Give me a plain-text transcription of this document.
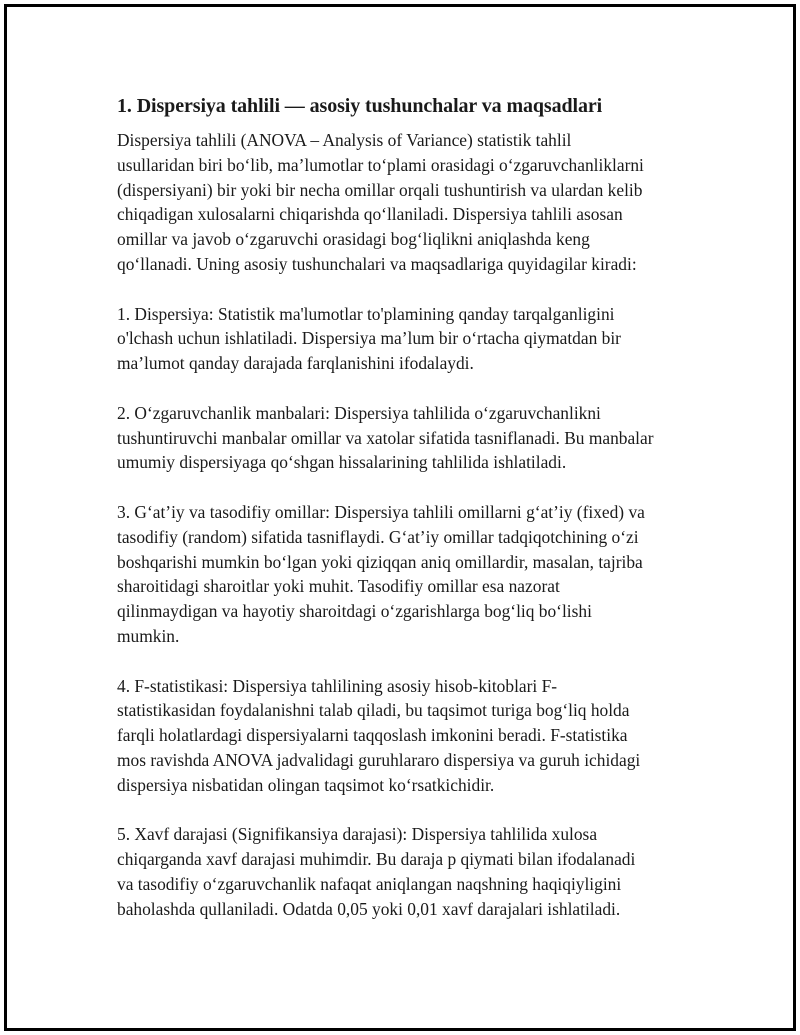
1. Dispersiya tahlili — asosiy tushunchalar va maqsadlari
Dispersiya tahlili (ANOVA – Analysis of Variance) statistik tahlil
usullaridan biri bo‘lib, ma’lumotlar to‘plami orasidagi o‘zgaruvchanliklarni
(dispersiyani) bir yoki bir necha omillar orqali tushuntirish va ulardan kelib
chiqadigan xulosalarni chiqarishda qo‘llaniladi. Dispersiya tahlili asosan
omillar va javob o‘zgaruvchi orasidagi bog‘liqlikni aniqlashda keng
qo‘llanadi. Uning asosiy tushunchalari va maqsadlariga quyidagilar kiradi:
1. Dispersiya: Statistik ma'lumotlar to'plamining qanday tarqalganligini
o'lchash uchun ishlatiladi. Dispersiya ma’lum bir o‘rtacha qiymatdan bir
ma’lumot qanday darajada farqlanishini ifodalaydi.
2. O‘zgaruvchanlik manbalari: Dispersiya tahlilida o‘zgaruvchanlikni
tushuntiruvchi manbalar omillar va xatolar sifatida tasniflanadi. Bu manbalar
umumiy dispersiyaga qo‘shgan hissalarining tahlilida ishlatiladi.
3. G‘at’iy va tasodifiy omillar: Dispersiya tahlili omillarni g‘at’iy (fixed) va
tasodifiy (random) sifatida tasniflaydi. G‘at’iy omillar tadqiqotchining o‘zi
boshqarishi mumkin bo‘lgan yoki qiziqqan aniq omillardir, masalan, tajriba
sharoitidagi sharoitlar yoki muhit. Tasodifiy omillar esa nazorat
qilinmaydigan va hayotiy sharoitdagi o‘zgarishlarga bog‘liq bo‘lishi
mumkin.
4. F-statistikasi: Dispersiya tahlilining asosiy hisob-kitoblari F-
statistikasidan foydalanishni talab qiladi, bu taqsimot turiga bog‘liq holda
farqli holatlardagi dispersiyalarni taqqoslash imkonini beradi. F-statistika
mos ravishda ANOVA jadvalidagi guruhlararo dispersiya va guruh ichidagi
dispersiya nisbatidan olingan taqsimot ko‘rsatkichidir.
5. Xavf darajasi (Signifikansiya darajasi): Dispersiya tahlilida xulosa
chiqarganda xavf darajasi muhimdir. Bu daraja p qiymati bilan ifodalanadi
va tasodifiy o‘zgaruvchanlik nafaqat aniqlangan naqshning haqiqiyligini
baholashda qullaniladi. Odatda 0,05 yoki 0,01 xavf darajalari ishlatiladi.
